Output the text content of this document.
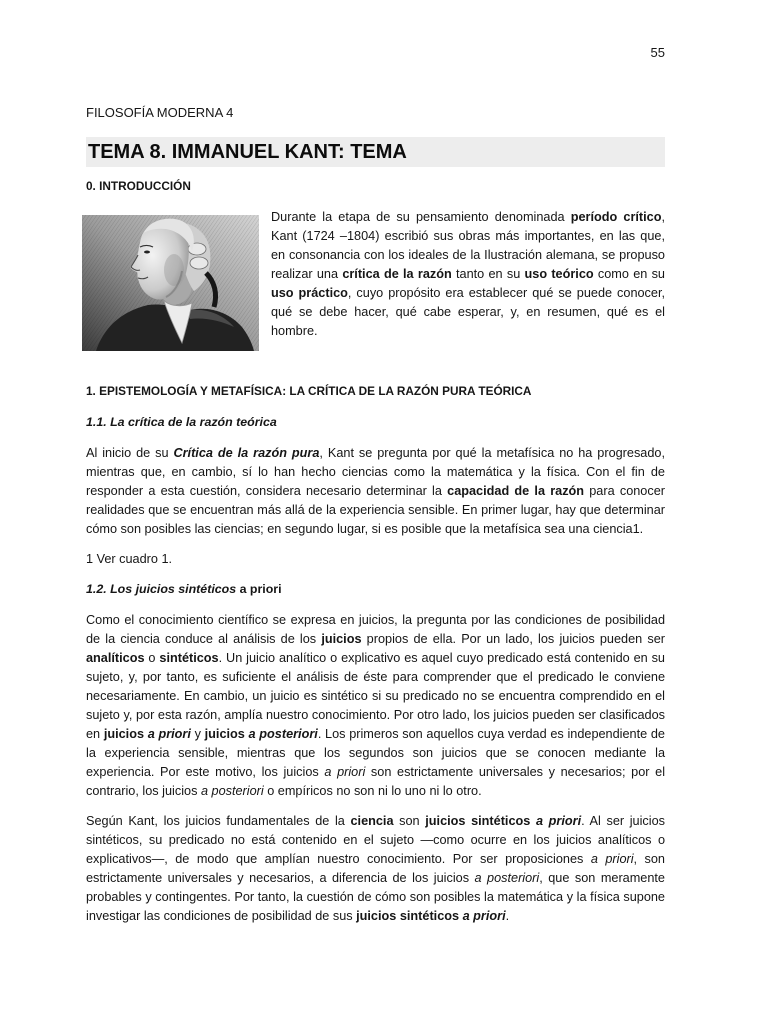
55
FILOSOFÍA MODERNA 4
TEMA 8. IMMANUEL KANT: TEMA
0. INTRODUCCIÓN

Durante la etapa de su pensamiento denominada período crítico, Kant (1724 –1804) escribió sus obras más importantes, en las que, en consonancia con los ideales de la Ilustración alemana, se propuso realizar una crítica de la razón tanto en su uso teórico como en su uso práctico, cuyo propósito era establecer qué se puede conocer, qué se debe hacer, qué cabe esperar, y, en resumen, qué es el hombre.

1. EPISTEMOLOGÍA Y METAFÍSICA: LA CRÍTICA DE LA RAZÓN PURA TEÓRICA
1.1. La crítica de la razón teórica

Al inicio de su Crítica de la razón pura, Kant se pregunta por qué la metafísica no ha progresado, mientras que, en cambio, sí lo han hecho ciencias como la matemática y la física. Con el fin de responder a esta cuestión, considera necesario determinar la capacidad de la razón para conocer realidades que se encuentran más allá de la experiencia sensible. En primer lugar, hay que determinar cómo son posibles las ciencias; en segundo lugar, si es posible que la metafísica sea una ciencia1.

1 Ver cuadro 1.

1.2. Los juicios sintéticos a priori

Como el conocimiento científico se expresa en juicios, la pregunta por las condiciones de posibilidad de la ciencia conduce al análisis de los juicios propios de ella. Por un lado, los juicios pueden ser analíticos o sintéticos. Un juicio analítico o explicativo es aquel cuyo predicado está contenido en su sujeto, y, por tanto, es suficiente el análisis de éste para comprender que el predicado le conviene necesariamente. En cambio, un juicio es sintético si su predicado no se encuentra comprendido en el sujeto y, por esta razón, amplía nuestro conocimiento. Por otro lado, los juicios pueden ser clasificados en juicios a priori y juicios a posteriori. Los primeros son aquellos cuya verdad es independiente de la experiencia sensible, mientras que los segundos son juicios que se conocen mediante la experiencia. Por este motivo, los juicios a priori son estrictamente universales y necesarios; por el contrario, los juicios a posteriori o empíricos no son ni lo uno ni lo otro.

Según Kant, los juicios fundamentales de la ciencia son juicios sintéticos a priori. Al ser juicios sintéticos, su predicado no está contenido en el sujeto —como ocurre en los juicios analíticos o explicativos—, de modo que amplían nuestro conocimiento. Por ser proposiciones a priori, son estrictamente universales y necesarios, a diferencia de los juicios a posteriori, que son meramente probables y contingentes. Por tanto, la cuestión de cómo son posibles la matemática y la física supone investigar las condiciones de posibilidad de sus juicios sintéticos a priori.
